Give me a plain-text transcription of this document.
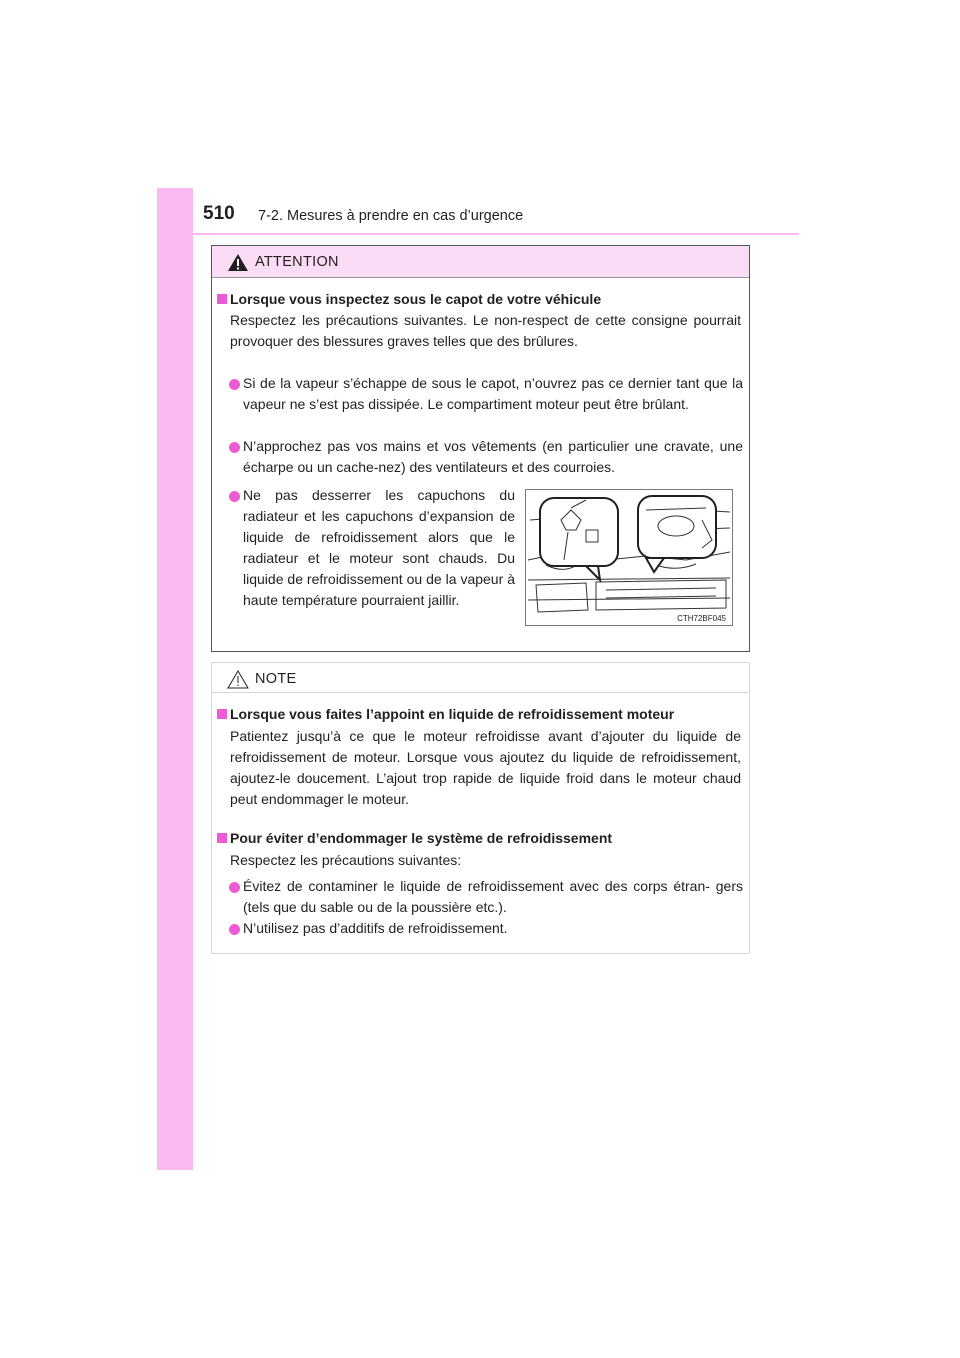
510 7-2. Mesures à prendre en cas d’urgence
ATTENTION
Lorsque vous inspectez sous le capot de votre véhicule
Respectez les précautions suivantes. Le non-respect de cette consigne pourrait provoquer des blessures graves telles que des brûlures.
Si de la vapeur s’échappe de sous le capot, n’ouvrez pas ce dernier tant que la vapeur ne s’est pas dissipée. Le compartiment moteur peut être brûlant.
N’approchez pas vos mains et vos vêtements (en particulier une cravate, une écharpe ou un cache-nez) des ventilateurs et des courroies.
Ne pas desserrer les capuchons du radiateur et les capuchons d’expansion de liquide de refroidissement alors que le radiateur et le moteur sont chauds. Du liquide de refroidissement ou de la vapeur à haute température pourraient jaillir.
CTH72BF045
NOTE
Lorsque vous faites l’appoint en liquide de refroidissement moteur
Patientez jusqu’à ce que le moteur refroidisse avant d’ajouter du liquide de refroidissement de moteur. Lorsque vous ajoutez du liquide de refroidissement, ajoutez-le doucement. L’ajout trop rapide de liquide froid dans le moteur chaud peut endommager le moteur.
Pour éviter d’endommager le système de refroidissement
Respectez les précautions suivantes:
Évitez de contaminer le liquide de refroidissement avec des corps étran- gers (tels que du sable ou de la poussière etc.).
N’utilisez pas d’additifs de refroidissement.
